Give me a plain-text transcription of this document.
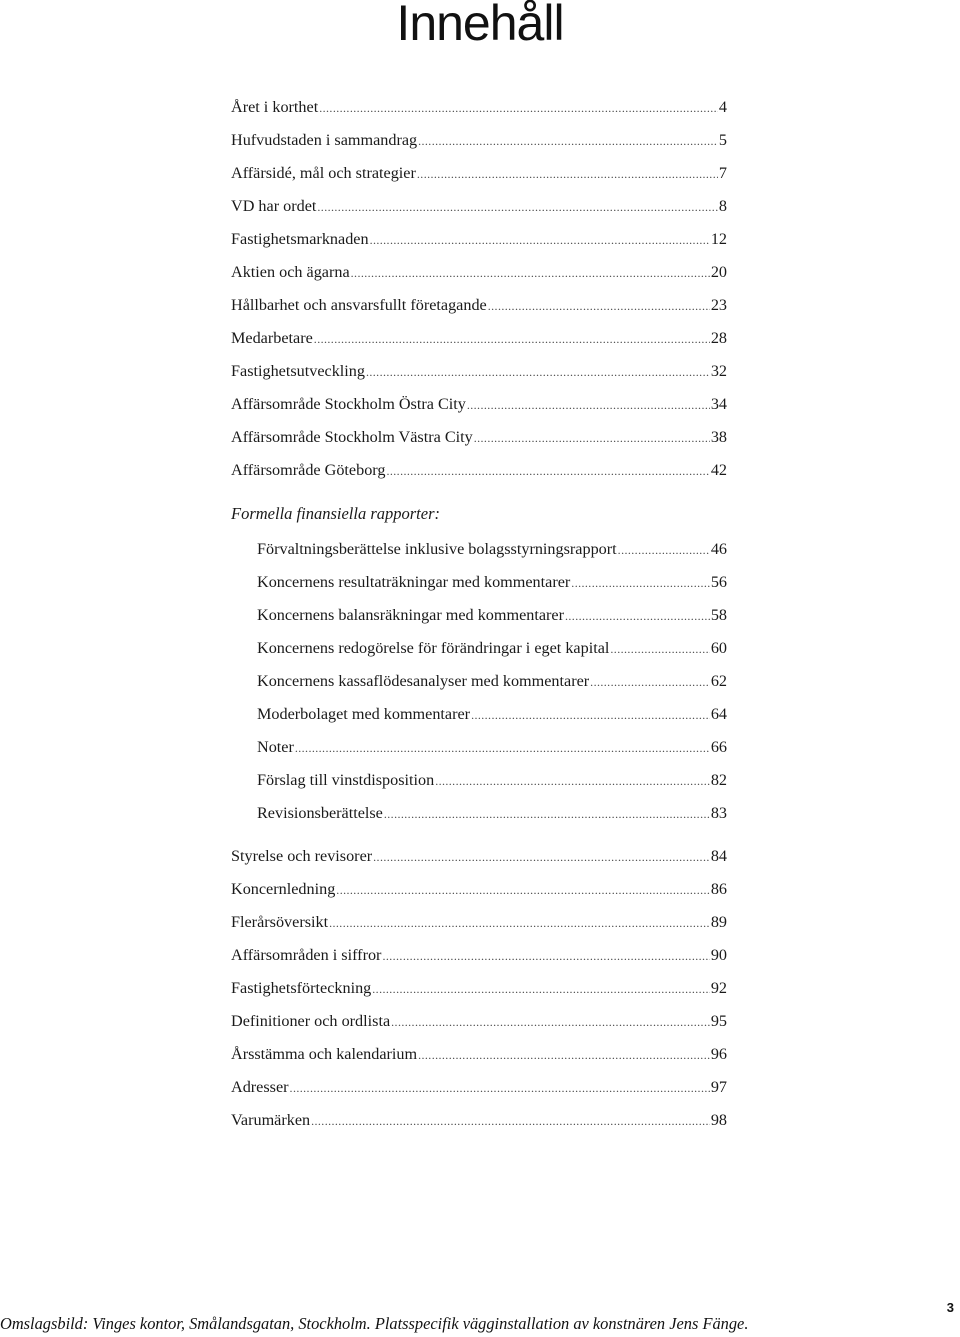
Innehåll
Året i korthet .....	4
Hufvudstaden i sammandrag .....	5
Affärsidé, mål och strategier .....	7
VD har ordet .....	8
Fastighetsmarknaden .....	12
Aktien och ägarna .....	20
Hållbarhet och ansvarsfullt företagande .....	23
Medarbetare .....	28
Fastighetsutveckling .....	32
Affärsområde Stockholm Östra City .....	34
Affärsområde Stockholm Västra City .....	38
Affärsområde Göteborg .....	42
Formella finansiella rapporter:
Förvaltningsberättelse inklusive bolagsstyrningsrapport .....	46
Koncernens resultaträkningar med kommentarer .....	56
Koncernens balansräkningar med kommentarer .....	58
Koncernens redogörelse för förändringar i eget kapital .....	60
Koncernens kassaflödesanalyser med kommentarer .....	62
Moderbolaget med kommentarer .....	64
Noter .....	66
Förslag till vinstdisposition .....	82
Revisionsberättelse .....	83
Styrelse och revisorer .....	84
Koncernledning .....	86
Flerårsöversikt .....	89
Affärsområden i siffror .....	90
Fastighetsförteckning .....	92
Definitioner och ordlista .....	95
Årsstämma och kalendarium .....	96
Adresser .....	97
Varumärken .....	98
Omslagsbild: Vinges kontor, Smålandsgatan, Stockholm. Platsspecifik vägginstallation av konstnären Jens Fänge.
3
